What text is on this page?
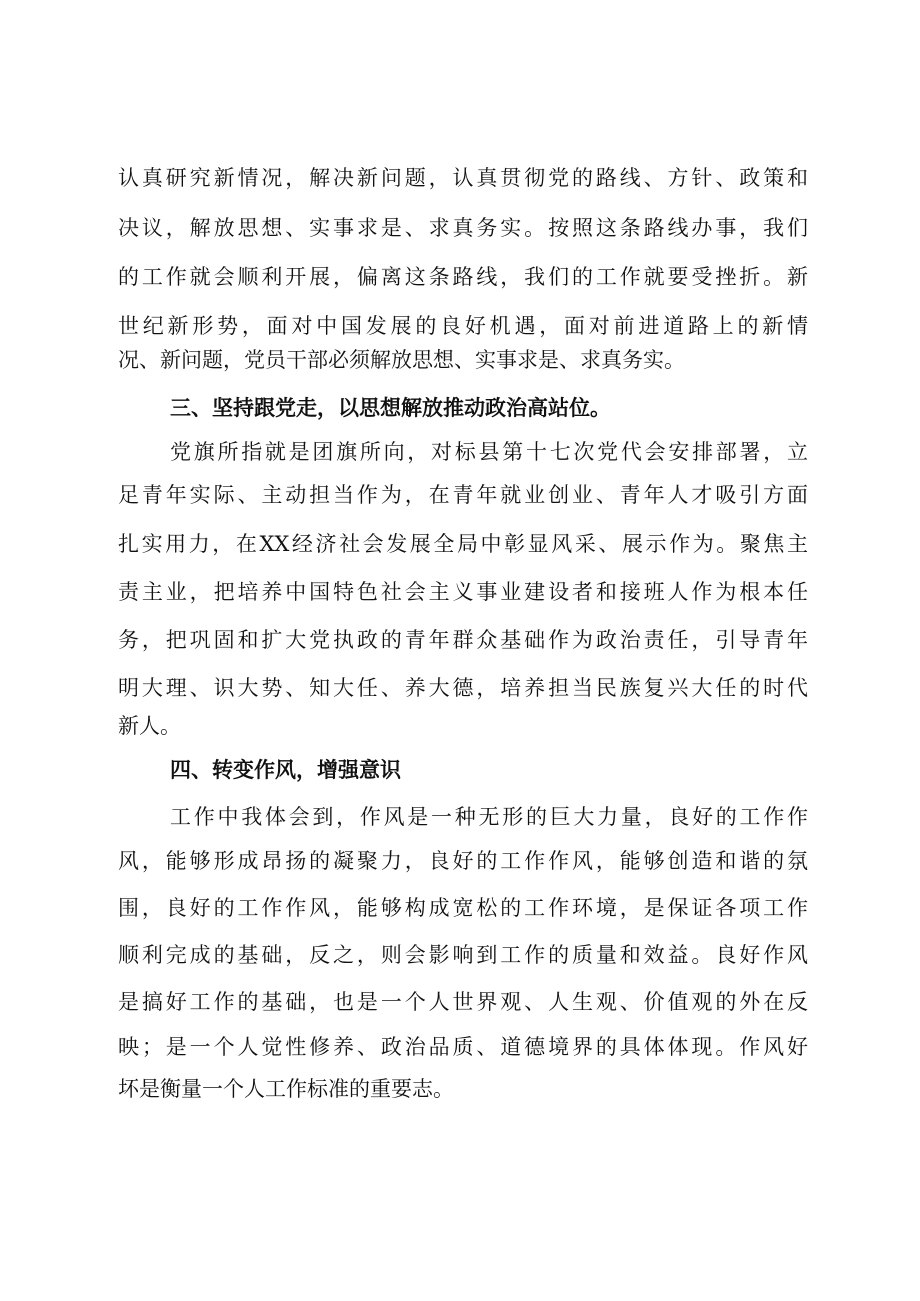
认真研究新情况，解决新问题，认真贯彻党的路线、方针、政策和
决议，解放思想、实事求是、求真务实。按照这条路线办事，我们
的工作就会顺利开展，偏离这条路线，我们的工作就要受挫折。新
世纪新形势，面对中国发展的良好机遇，面对前进道路上的新情
况、新问题，党员干部必须解放思想、实事求是、求真务实。
三、坚持跟党走，以思想解放推动政治高站位。
党旗所指就是团旗所向，对标县第十七次党代会安排部署，立
足青年实际、主动担当作为，在青年就业创业、青年人才吸引方面
扎实用力，在XX经济社会发展全局中彰显风采、展示作为。聚焦主
责主业，把培养中国特色社会主义事业建设者和接班人作为根本任
务，把巩固和扩大党执政的青年群众基础作为政治责任，引导青年
明大理、识大势、知大任、养大德，培养担当民族复兴大任的时代
新人。
四、转变作风，增强意识
工作中我体会到，作风是一种无形的巨大力量，良好的工作作
风，能够形成昂扬的凝聚力，良好的工作作风，能够创造和谐的氛
围，良好的工作作风，能够构成宽松的工作环境，是保证各项工作
顺利完成的基础，反之，则会影响到工作的质量和效益。良好作风
是搞好工作的基础，也是一个人世界观、人生观、价值观的外在反
映；是一个人觉性修养、政治品质、道德境界的具体体现。作风好
坏是衡量一个人工作标准的重要志。
